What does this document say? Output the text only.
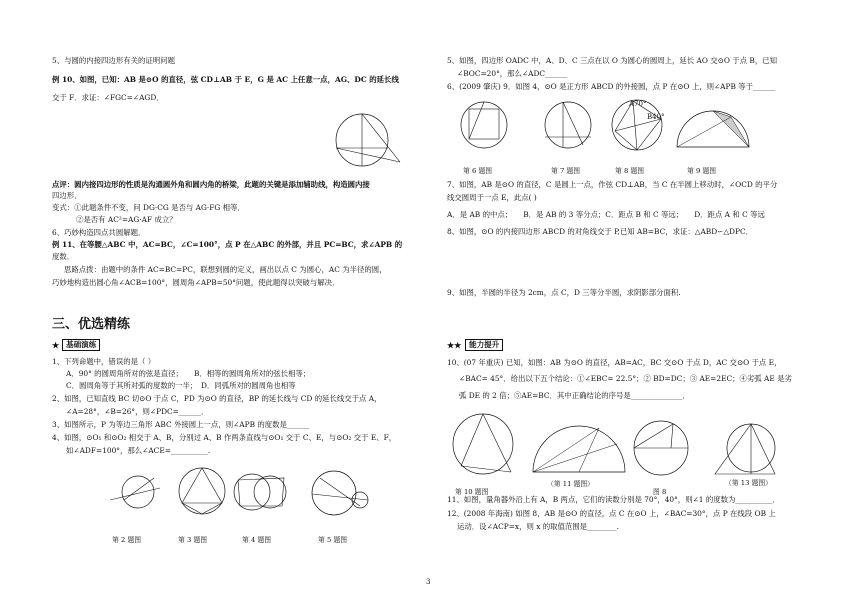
5、与圆的内接四边形有关的证明问题
例 10、如图，已知：AB 是⊙O 的直径，弦 CD⊥AB 于 E，G 是 AC 上任意一点，AG、DC 的延长线
交于 F．求证：∠FGC=∠AGD．
点评：圆内接四边形的性质是沟通圆外角和圆内角的桥梁，此题的关键是添加辅助线，构造圆内接
四边形．
变式：①此题条件不变，问 DG·CG 是否与 AG·FG 相等．
②是否有 AC²=AG·AF 成立？
6、巧妙构造四点共圆解题．
例 11、在等腰△ABC 中，AC=BC，∠C=100°，点 P 在△ABC 的外部，并且 PC=BC，求∠APB 的
度数．
思路点拨：由题中的条件 AC=BC=PC，联想到圆的定义，画出以点 C 为圆心，AC 为半径的圆，
巧妙地构造出圆心角∠ACB=100°，圆周角∠APB=50°问题，使此题得以突破与解决．
三、优选精练
★ 基础演练
1、下列命题中，错误的是（ ）
A．90° 的圆周角所对的弦是直径；　　B．相等的圆周角所对的弦长相等；
C．圆周角等于其所对弧的度数的一半；　D．同弧所对的圆周角也相等
2、如图，已知直线 BC 切⊙O 于点 C，PD 为⊙O 的直径，BP 的延长线与 CD 的延长线交于点 A，
∠A=28°，∠B=26°，则∠PDC=______．
3、如图所示，P 为等边三角形 ABC 外接圆上一点，则∠APB 的度数是______
4、如图，⊙O₁ 和⊙O₂ 相交于 A、B，分别过 A、B 作两条直线与⊙O₁ 交于 C、E，与⊙O₂ 交于 E、F，
如∠ADF=100°，那么∠ACE=__________.
第 2 题图	第 3 题图	第 4 题图	第 5 题图
5、如图，四边形 OADC 中，A、D、C 三点在以 O 为圆心的圆周上，延长 AO 交⊙O 于点 B，已知
∠BOC=20°，那么∠ADC______
6、(2009 肇庆) 9．如图 4，⊙O 是正方形 ABCD 的外接圆，点 P 在⊙O 上，则∠APB 等于______
第 6 题图	第 7 题图	第 8 题图	第 9 题图
7、如图，AB 是⊙O 的直径，C 是圆上一点，作弦 CD⊥AB，当 C 在半圆上移动时，∠OCD 的平分
线交圆周于一点 E，此点( )
A．是 AB 的中点；　　B．是 AB 的 3 等分点；C．距点 B 和 C 等远；　　D．距点 A 和 C 等远
8、如图，⊙O 的内接四边形 ABCD 的对角线交于 P,已知 AB=BC，求证：△ABD∽△DPC．
9、如图，半圆的半径为 2cm，点 C，D 三等分半圆，求阴影部分面积.
★★	能力提升
10、(07 年重庆) 已知，如图：AB 为⊙O 的直径，AB=AC，BC 交⊙O 于点 D，AC 交⊙O 于点 E，
∠BAC= 45°．给出以下五个结论：①∠EBC= 22.5°；② BD=DC；③ AE=2EC；④劣弧 AE 是劣
弧 DE 的 2 倍；⑤AE=BC．其中正确结论的序号是______________．
A70°
B40°
第 10 题图
（第 11 题图）
图 8
（第 13 题图）
11、如图，量角器外沿上有 A，B 两点，它们的读数分别是 70°，40°，则∠1 的度数为__________．
12、(2008 年海南) 如图 8，AB 是⊙O 的直径，点 C 在⊙O 上，∠BAC=30°，点 P 在线段 OB 上
运动．设∠ACP=x，则 x 的取值范围是________.
3
